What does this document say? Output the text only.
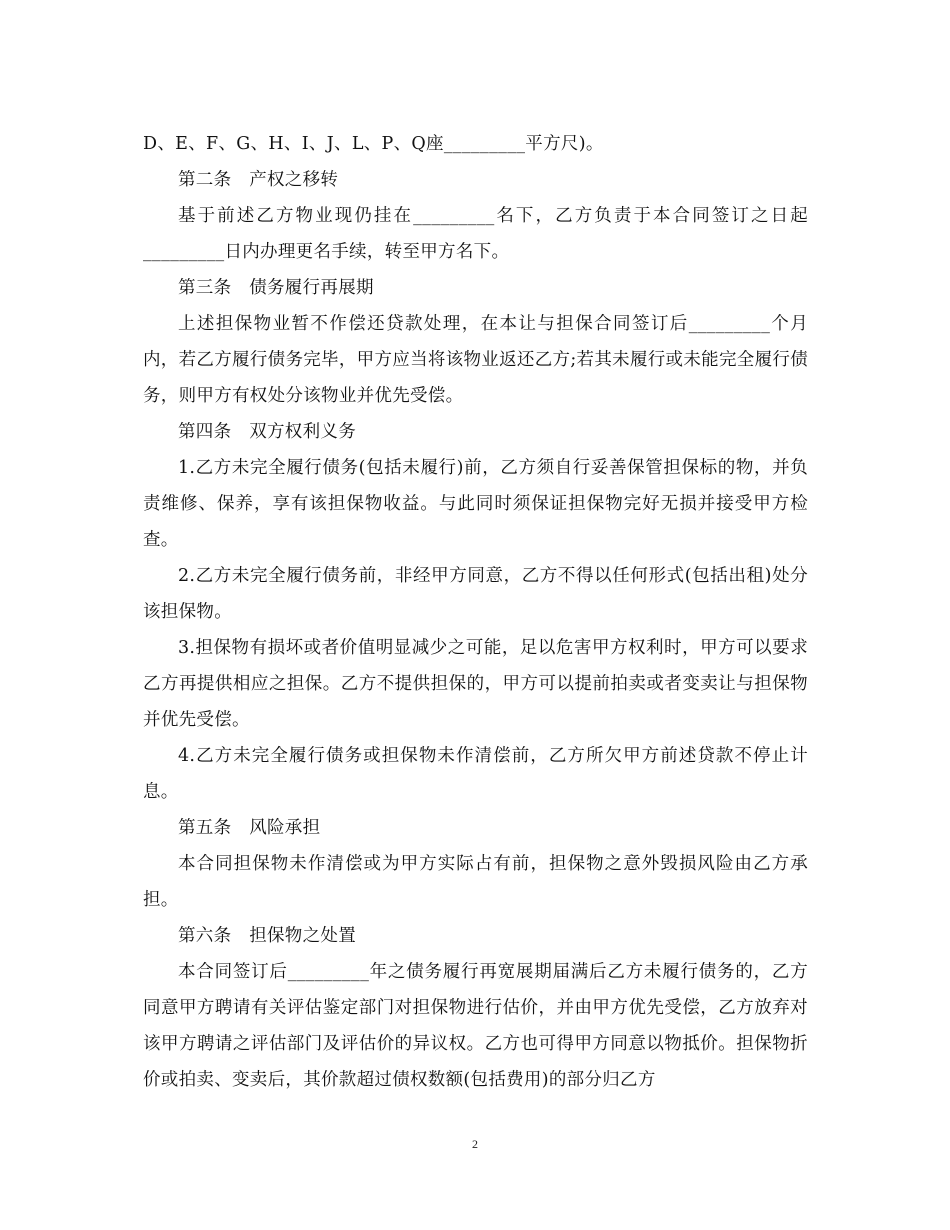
D、E、F、G、H、I、J、L、P、Q座_________平方尺)。

第二条　产权之移转

基于前述乙方物业现仍挂在_________名下，乙方负责于本合同签订之日起_________日内办理更名手续，转至甲方名下。

第三条　债务履行再展期

上述担保物业暂不作偿还贷款处理，在本让与担保合同签订后_________个月内，若乙方履行债务完毕，甲方应当将该物业返还乙方;若其未履行或未能完全履行债务，则甲方有权处分该物业并优先受偿。

第四条　双方权利义务

1.乙方未完全履行债务(包括未履行)前，乙方须自行妥善保管担保标的物，并负责维修、保养，享有该担保物收益。与此同时须保证担保物完好无损并接受甲方检查。

2.乙方未完全履行债务前，非经甲方同意，乙方不得以任何形式(包括出租)处分该担保物。

3.担保物有损坏或者价值明显减少之可能，足以危害甲方权利时，甲方可以要求乙方再提供相应之担保。乙方不提供担保的，甲方可以提前拍卖或者变卖让与担保物并优先受偿。

4.乙方未完全履行债务或担保物未作清偿前，乙方所欠甲方前述贷款不停止计息。

第五条　风险承担

本合同担保物未作清偿或为甲方实际占有前，担保物之意外毁损风险由乙方承担。

第六条　担保物之处置

本合同签订后_________年之债务履行再宽展期届满后乙方未履行债务的，乙方同意甲方聘请有关评估鉴定部门对担保物进行估价，并由甲方优先受偿，乙方放弃对该甲方聘请之评估部门及评估价的异议权。乙方也可得甲方同意以物抵价。担保物折价或拍卖、变卖后，其价款超过债权数额(包括费用)的部分归乙方

2
